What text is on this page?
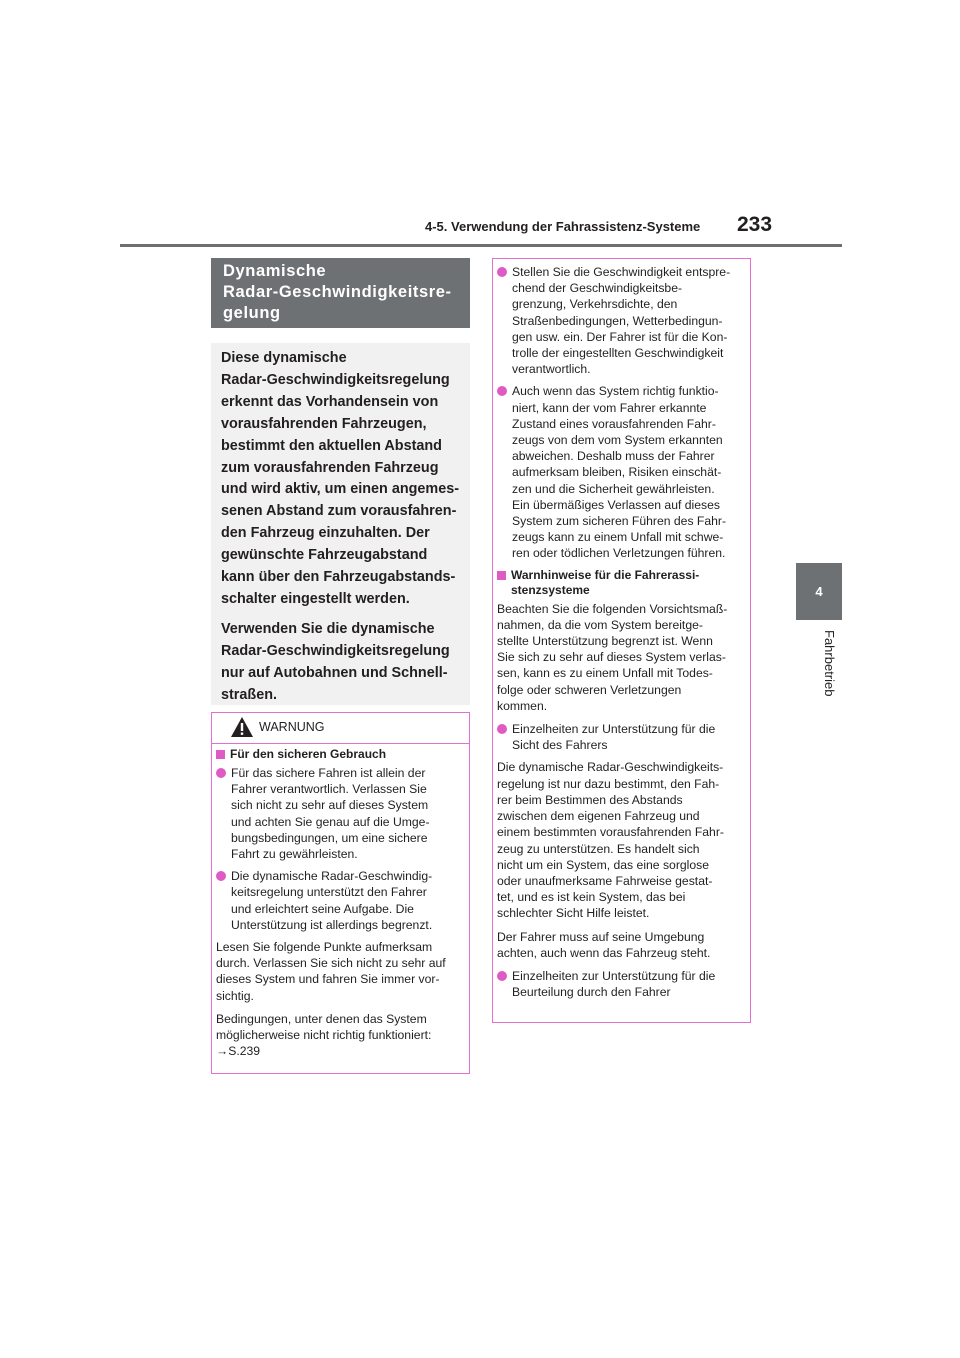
4-5. Verwendung der Fahrassistenz-Systeme 233
4
Fahrbetrieb
Dynamische
Radar-Geschwindigkeitsre-
gelung

Diese dynamische
Radar-Geschwindigkeitsregelung
erkennt das Vorhandensein von
vorausfahrenden Fahrzeugen,
bestimmt den aktuellen Abstand
zum vorausfahrenden Fahrzeug
und wird aktiv, um einen angemes-
senen Abstand zum vorausfahren-
den Fahrzeug einzuhalten. Der
gewünschte Fahrzeugabstand
kann über den Fahrzeugabstands-
schalter eingestellt werden.

Verwenden Sie die dynamische
Radar-Geschwindigkeitsregelung
nur auf Autobahnen und Schnell-
straßen.

WARNUNG
Für den sicheren Gebrauch
Für das sichere Fahren ist allein der
Fahrer verantwortlich. Verlassen Sie
sich nicht zu sehr auf dieses System
und achten Sie genau auf die Umge-
bungsbedingungen, um eine sichere
Fahrt zu gewährleisten.
Die dynamische Radar-Geschwindig-
keitsregelung unterstützt den Fahrer
und erleichtert seine Aufgabe. Die
Unterstützung ist allerdings begrenzt.

Lesen Sie folgende Punkte aufmerksam
durch. Verlassen Sie sich nicht zu sehr auf
dieses System und fahren Sie immer vor-
sichtig.

Bedingungen, unter denen das System
möglicherweise nicht richtig funktioniert:
→S.239

Stellen Sie die Geschwindigkeit entspre-
chend der Geschwindigkeitsbe-
grenzung, Verkehrsdichte, den
Straßenbedingungen, Wetterbedingun-
gen usw. ein. Der Fahrer ist für die Kon-
trolle der eingestellten Geschwindigkeit
verantwortlich.
Auch wenn das System richtig funktio-
niert, kann der vom Fahrer erkannte
Zustand eines vorausfahrenden Fahr-
zeugs von dem vom System erkannten
abweichen. Deshalb muss der Fahrer
aufmerksam bleiben, Risiken einschät-
zen und die Sicherheit gewährleisten.
Ein übermäßiges Verlassen auf dieses
System zum sicheren Führen des Fahr-
zeugs kann zu einem Unfall mit schwe-
ren oder tödlichen Verletzungen führen.
Warnhinweise für die Fahrerassi-
stenzsysteme

Beachten Sie die folgenden Vorsichtsmaß-
nahmen, da die vom System bereitge-
stellte Unterstützung begrenzt ist. Wenn
Sie sich zu sehr auf dieses System verlas-
sen, kann es zu einem Unfall mit Todes-
folge oder schweren Verletzungen
kommen.

Einzelheiten zur Unterstützung für die
Sicht des Fahrers

Die dynamische Radar-Geschwindigkeits-
regelung ist nur dazu bestimmt, den Fah-
rer beim Bestimmen des Abstands
zwischen dem eigenen Fahrzeug und
einem bestimmten vorausfahrenden Fahr-
zeug zu unterstützen. Es handelt sich
nicht um ein System, das eine sorglose
oder unaufmerksame Fahrweise gestat-
tet, und es ist kein System, das bei
schlechter Sicht Hilfe leistet.

Der Fahrer muss auf seine Umgebung
achten, auch wenn das Fahrzeug steht.

Einzelheiten zur Unterstützung für die
Beurteilung durch den Fahrer
